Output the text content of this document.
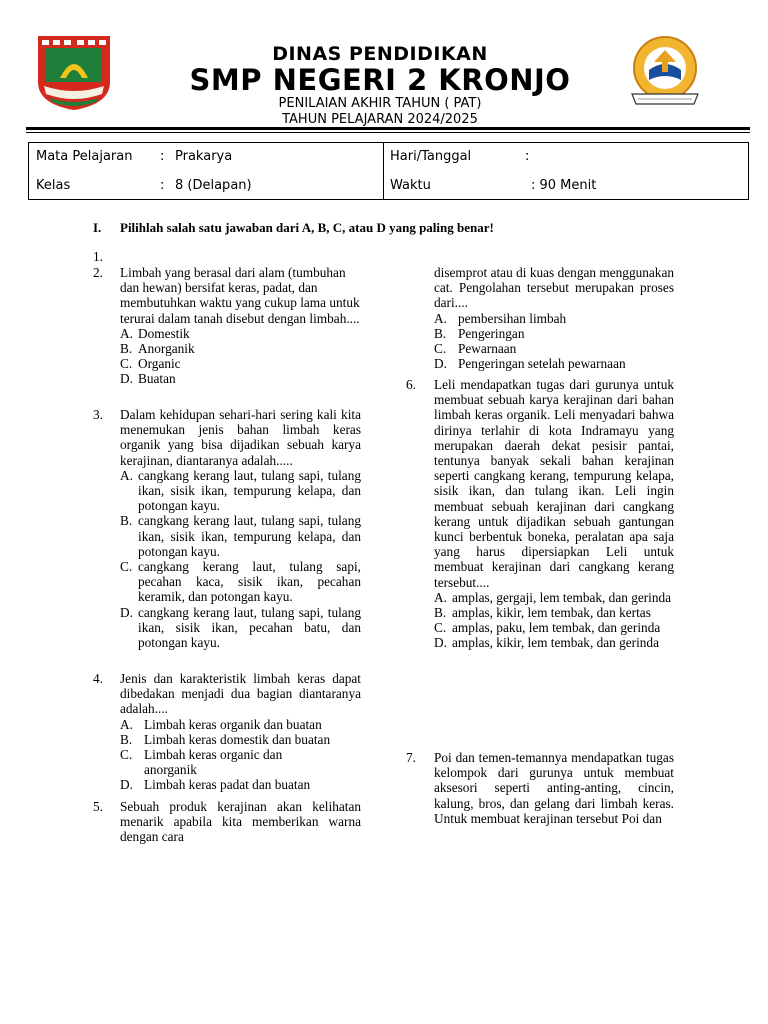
DINAS PENDIDIKAN
SMP NEGERI 2 KRONJO
PENILAIAN AKHIR TAHUN ( PAT)
TAHUN PELAJARAN 2024/2025
Mata Pelajaran : Prakarya
Kelas	: 8 (Delapan)
Hari/Tanggal	:
Waktu	: 90 Menit
I. Pilihlah salah satu jawaban dari A, B, C, atau D yang paling benar!
1.
2. Limbah yang berasal dari alam (tumbuhan dan hewan) bersifat keras, padat, dan membutuhkan waktu yang cukup lama untuk terurai dalam tanah disebut dengan limbah....
A. Domestik
B. Anorganik
C. Organic
D. Buatan
3. Dalam kehidupan sehari-hari sering kali kita menemukan jenis bahan limbah keras organik yang bisa dijadikan sebuah karya kerajinan, diantaranya adalah.....
A. cangkang kerang laut, tulang sapi, tulang ikan, sisik ikan, tempurung kelapa, dan potongan kayu.
B. cangkang kerang laut, tulang sapi, tulang ikan, sisik ikan, tempurung kelapa, dan potongan kayu.
C. cangkang kerang laut, tulang sapi, pecahan kaca, sisik ikan, pecahan keramik, dan potongan kayu.
D. cangkang kerang laut, tulang sapi, tulang ikan, sisik ikan, pecahan batu, dan potongan kayu.
4. Jenis dan karakteristik limbah keras dapat dibedakan menjadi dua bagian diantaranya adalah....
A. Limbah keras organik dan buatan
B. Limbah keras domestik dan buatan
C. Limbah keras organic dan anorganik
D. Limbah keras padat dan buatan
5. Sebuah produk kerajinan akan kelihatan menarik apabila kita memberikan warna dengan cara
disemprot atau di kuas dengan menggunakan cat. Pengolahan tersebut merupakan proses dari....
A. pembersihan limbah
B. Pengeringan
C. Pewarnaan
D. Pengeringan setelah pewarnaan
6. Leli mendapatkan tugas dari gurunya untuk membuat sebuah karya kerajinan dari bahan limbah keras organik. Leli menyadari bahwa dirinya terlahir di kota Indramayu yang merupakan daerah dekat pesisir pantai, tentunya banyak sekali bahan kerajinan seperti cangkang kerang, tempurung kelapa, sisik ikan, dan tulang ikan. Leli ingin membuat sebuah kerajinan dari cangkang kerang untuk dijadikan sebuah gantungan kunci berbentuk boneka, peralatan apa saja yang harus dipersiapkan Leli untuk membuat kerajinan dari cangkang kerang tersebut....
A. amplas, gergaji, lem tembak, dan gerinda
B. amplas, kikir, lem tembak, dan kertas
C. amplas, paku, lem tembak, dan gerinda
D. amplas, kikir, lem tembak, dan gerinda
7. Poi dan temen-temannya mendapatkan tugas kelompok dari gurunya untuk membuat aksesori seperti anting-anting, cincin, kalung, bros, dan gelang dari limbah keras. Untuk membuat kerajinan tersebut Poi dan
